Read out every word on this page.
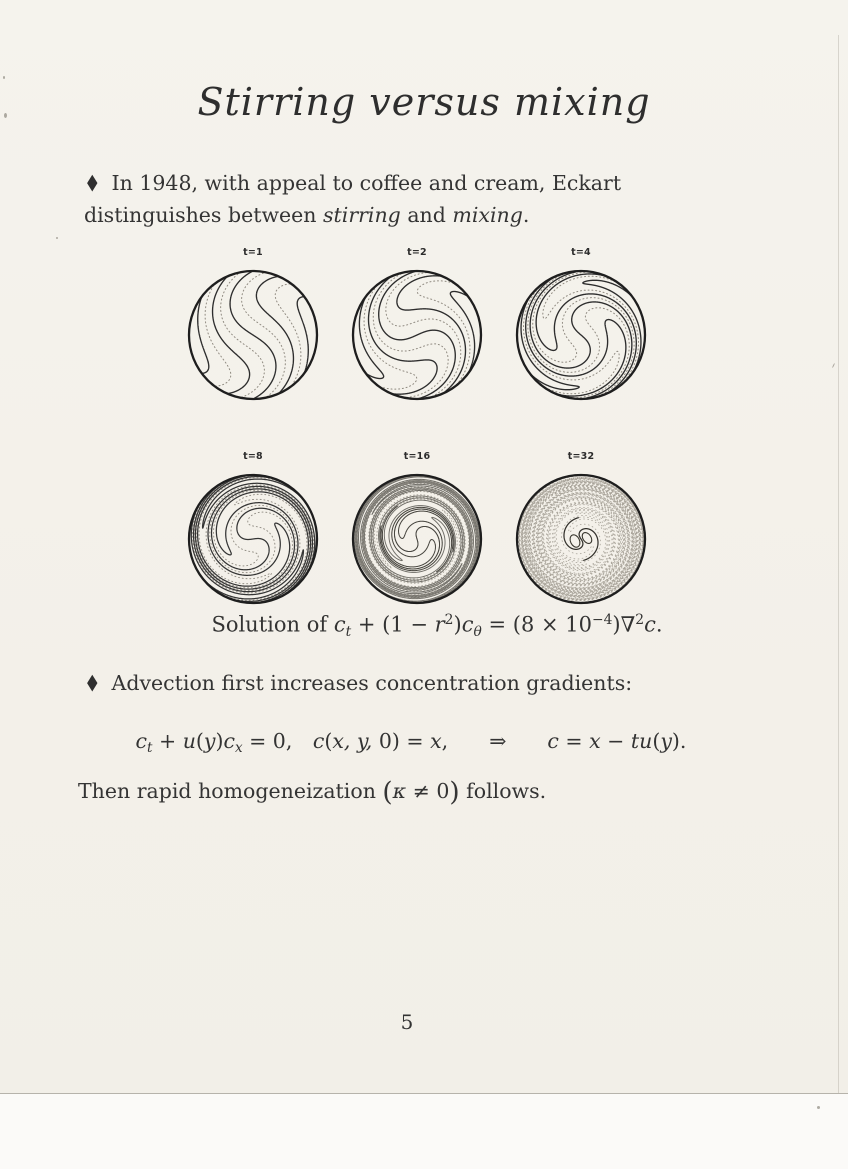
Stirring versus mixing
♦ In 1948, with appeal to coffee and cream, Eckart distinguishes between stirring and mixing.
t=1	t=2	t=4
t=8	t=16	t=32
Solution of ct + $(1 - r^2)c\theta = (8 \times 10^{-4})\nabla^2c$.
♦ Advection first increases concentration gradients:
ct + u(y)cx = 0,  c(x, y, 0) = x,   ⇒   c = x − tu(y).
Then rapid homogeneization (κ ≠ 0) follows.
5
